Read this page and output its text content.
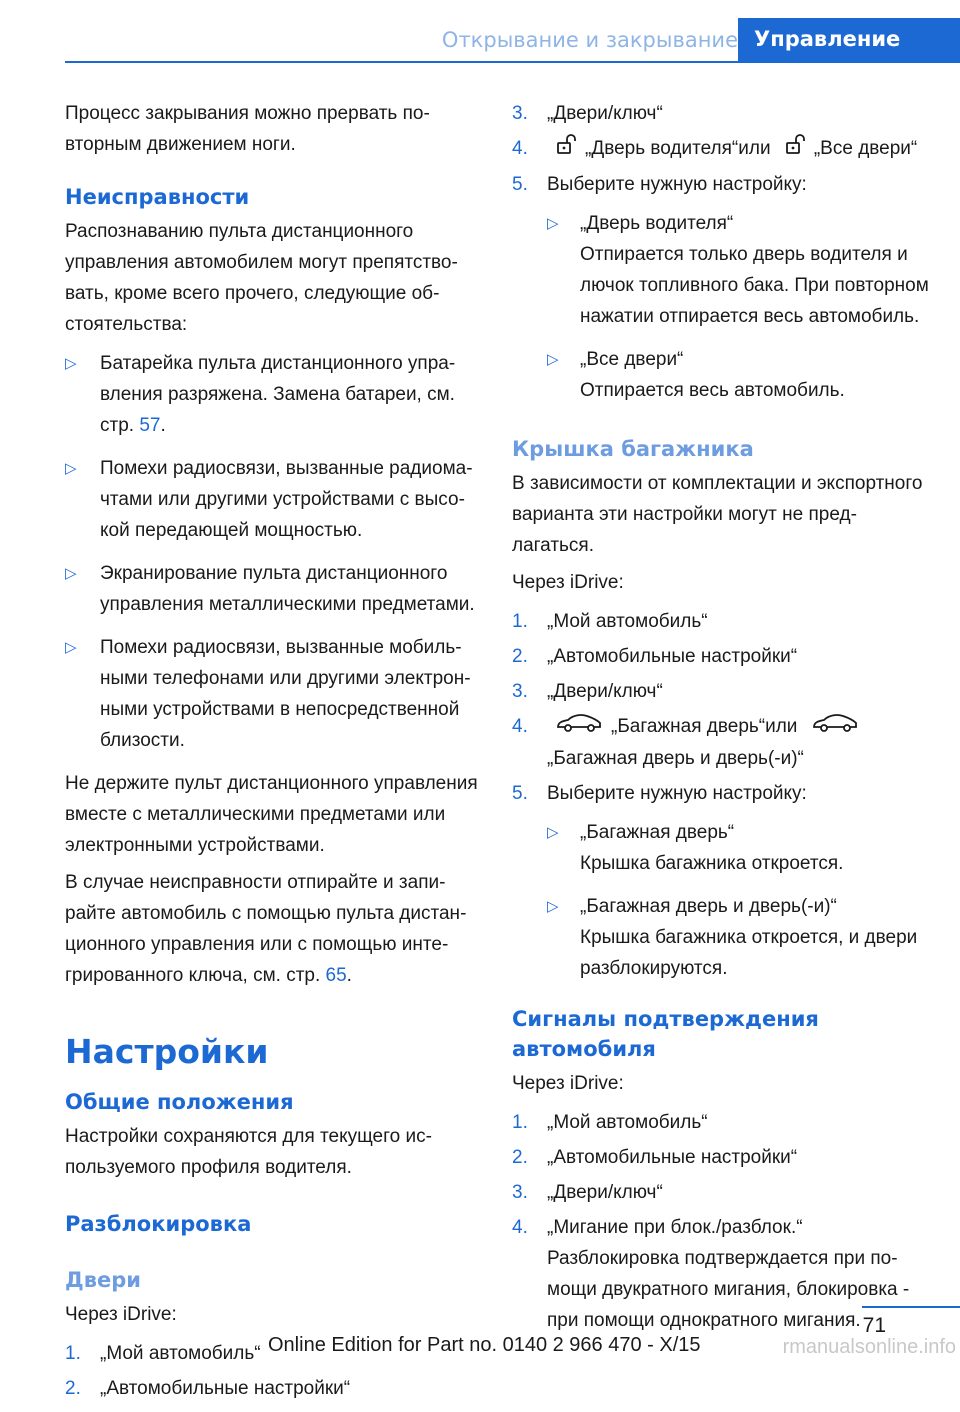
Открывание и закрывание Управление

Процесс закрывания можно прервать повторным движением ноги.

Неисправности

Распознаванию пульта дистанционного управления автомобилем могут препятствовать, кроме всего прочего, следующие обстоятельства:

▷ Батарейка пульта дистанционного управления разряжена. Замена батареи, см. стр. 57.
▷ Помехи радиосвязи, вызванные радиомачтами или другими устройствами с высокой передающей мощностью.
▷ Экранирование пульта дистанционного управления металлическими предметами.
▷ Помехи радиосвязи, вызванные мобильными телефонами или другими электронными устройствами в непосредственной близости.

Не держите пульт дистанционного управления вместе с металлическими предметами или электронными устройствами.

В случае неисправности отпирайте и запирайте автомобиль с помощью пульта дистанционного управления или с помощью интегрированного ключа, см. стр. 65.

Настройки
Общие положения

Настройки сохраняются для текущего используемого профиля водителя.

Разблокировка
Двери

Через iDrive:

1. „Мой автомобиль“
2. „Автомобильные настройки“
3. „Двери/ключ“
4.	„Дверь водителя“или „Все двери“
5. Выберите нужную настройку:
▷ „Дверь водителя“
Отпирается только дверь водителя и лючок топливного бака. При повторном нажатии отпирается весь автомобиль.
▷ „Все двери“
Отпирается весь автомобиль.
Крышка багажника

В зависимости от комплектации и экспортного варианта эти настройки могут не предлагаться.

Через iDrive:

1. „Мой автомобиль“
2. „Автомобильные настройки“
3. „Двери/ключ“
4.	„Багажная дверь“или
„Багажная дверь и дверь(-и)“
5. Выберите нужную настройку:
▷ „Багажная дверь“
Крышка багажника откроется.
▷ „Багажная дверь и дверь(-и)“
Крышка багажника откроется, и двери разблокируются.
Сигналы подтверждения автомобиля

Через iDrive:

1. „Мой автомобиль“
2. „Автомобильные настройки“
3. „Двери/ключ“
4. „Мигание при блок./разблок.“
Разблокировка подтверждается при помощи двукратного мигания, блокировка - при помощи однократного мигания. 71
Online Edition for Part no. 0140 2 966 470 - X/15	rmanualsonline.info
